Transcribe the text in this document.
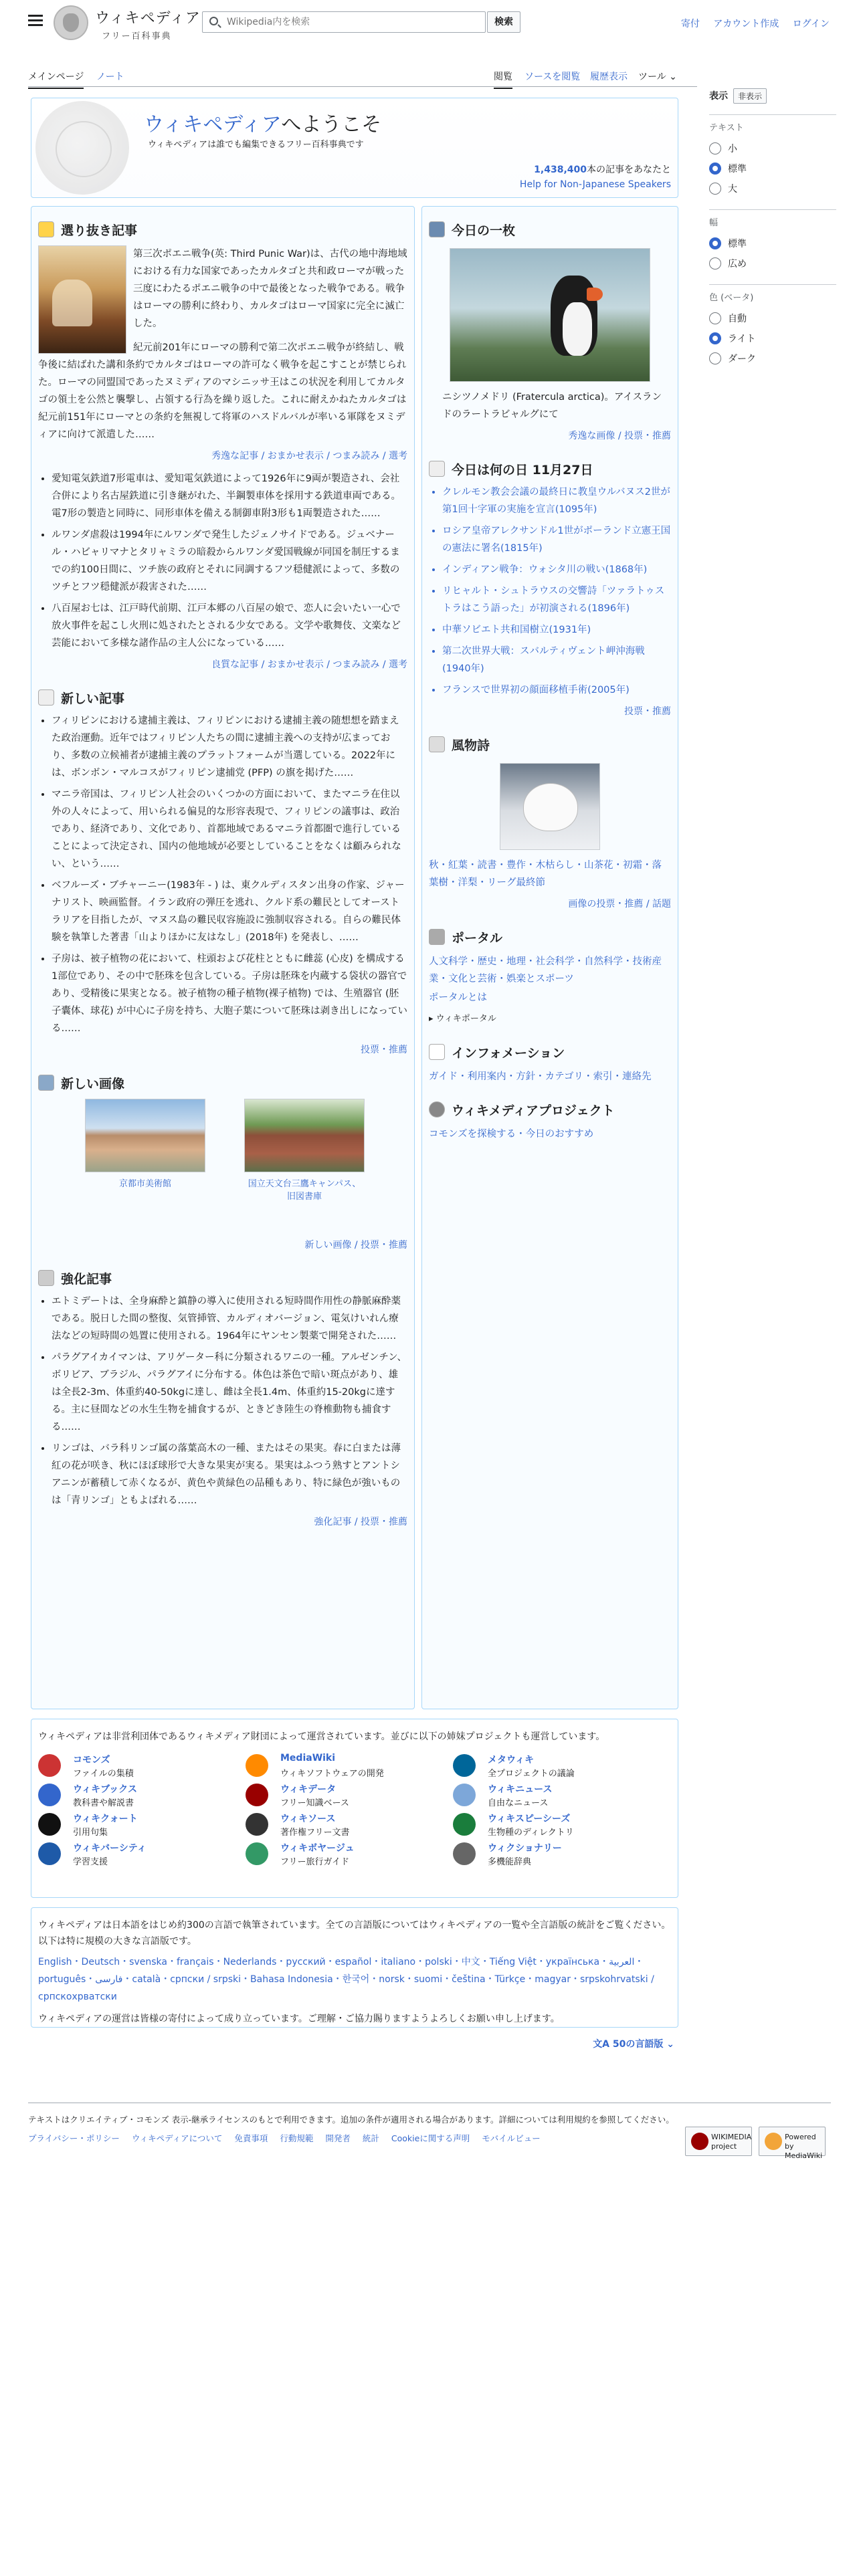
ウィキペディア
フリー百科事典
Wikipedia内を検索
検索	寄付 アカウント作成 ログイン
メインページ ノート	閲覧 ソースを閲覧 履歴表示 ツール ⌄
表示 非表示
テキスト
小
標準
大
幅
標準
広め
色 (ベータ)
自動
ライト
ダーク
ウィキペディアへようこそ
ウィキペディアは誰でも編集できるフリー百科事典です
1,438,400本の記事をあなたと
Help for Non-Japanese Speakers
選り抜き記事
第三次ポエニ戦争(英: Third Punic War)は、古代の地中海地域における有力な国家であったカルタゴと共和政ローマが戦った三度にわたるポエニ戦争の中で最後となった戦争である。戦争はローマの勝利に終わり、カルタゴはローマ国家に完全に滅亡した。
紀元前201年にローマの勝利で第二次ポエニ戦争が終結し、戦争後に結ばれた講和条約でカルタゴはローマの許可なく戦争を起こすことが禁じられた。ローマの同盟国であったヌミディアのマシニッサ王はこの状況を利用してカルタゴの領土を公然と襲撃し、占領する行為を繰り返した。これに耐えかねたカルタゴは紀元前151年にローマとの条約を無視して将軍のハスドルバルが率いる軍隊をヌミディアに向けて派遣した……
秀逸な記事 / おまかせ表示 / つまみ読み / 選考
• 愛知電気鉄道7形電車は、愛知電気鉄道によって1926年に9両が製造され、会社合併により名古屋鉄道に引き継がれた、半鋼製車体を採用する鉄道車両である。電7形の製造と同時に、同形車体を備える制御車附3形も1両製造された……
• ルワンダ虐殺は1994年にルワンダで発生したジェノサイドである。ジュベナール・ハビャリマナとタリャミラの暗殺からルワンダ愛国戦線が同国を制圧するまでの約100日間に、ツチ族の政府とそれに同調するフツ穏健派によって、多数のツチとフツ穏健派が殺害された……
• 八百屋お七は、江戸時代前期、江戸本郷の八百屋の娘で、恋人に会いたい一心で放火事件を起こし火刑に処されたとされる少女である。文学や歌舞伎、文楽など芸能において多様な諸作品の主人公になっている……
良質な記事 / おまかせ表示 / つまみ読み / 選考
新しい記事
• フィリピンにおける逮捕主義は、フィリピンにおける逮捕主義の随想想を踏まえた政治運動。近年ではフィリピン人たちの間に逮捕主義への支持が広まっており、多数の立候補者が逮捕主義のプラットフォームが当選している。2022年には、ボンボン・マルコスがフィリピン逮捕党 (PFP) の旗を掲げた……
• マニラ帝国は、フィリピン人社会のいくつかの方面において、またマニラ在住以外の人々によって、用いられる偏見的な形容表現で、フィリピンの議事は、政治であり、経済であり、文化であり、首都地域であるマニラ首都圏で進行していることによって決定され、国内の他地域が必要としていることをなくは顧みられない、という……
• ベフルーズ・ブチャーニー(1983年 - ) は、東クルディスタン出身の作家、ジャーナリスト、映画監督。イラン政府の弾圧を逃れ、クルド系の難民としてオーストラリアを目指したが、マヌス島の難民収容施設に強制収容される。自らの難民体験を執筆した著書「山よりほかに友はなし」(2018年) を発表し、……
• 子房は、被子植物の花において、柱頭および花柱とともに雌蕊 (心皮) を構成する1部位であり、その中で胚珠を包含している。子房は胚珠を内蔵する袋状の器官であり、受精後に果実となる。被子植物の種子植物(裸子植物) では、生殖器官 (胚子囊体、球花) が中心に子房を持ち、大胞子葉について胚珠は剥き出しになっている……
投票・推薦
新しい画像
京都市美術館	国立天文台三鷹キャンパス、旧図書庫
新しい画像 / 投票・推薦
強化記事
• エトミデートは、全身麻酔と鎮静の導入に使用される短時間作用性の静脈麻酔薬である。脱日した間の整復、気管挿管、カルディオバージョン、電気けいれん療法などの短時間の処置に使用される。1964年にヤンセン製薬で開発された……
• パラグアイカイマンは、アリゲーター科に分類されるワニの一種。アルゼンチン、ボリビア、ブラジル、パラグアイに分布する。体色は茶色で暗い斑点があり、雄は全長2-3m、体重約40-50kgに達し、雌は全長1.4m、体重約15-20kgに達する。主に昼間などの水生生物を捕食するが、ときどき陸生の脊椎動物も捕食する……
• リンゴは、バラ科リンゴ属の落葉高木の一種、またはその果実。春に白または薄紅の花が咲き、秋にほぼ球形で大きな果実が実る。果実はふつう熟すとアントシアニンが蓄積して赤くなるが、黄色や黄緑色の品種もあり、特に緑色が強いものは「青リンゴ」ともよばれる……
強化記事 / 投票・推薦
今日の一枚
ニシツノメドリ (Fratercula arctica)。アイスランドのラートラビャルグにて
秀逸な画像 / 投票・推薦
今日は何の日 11月27日
• クレルモン教会会議の最終日に教皇ウルバヌス2世が第1回十字軍の実施を宣言(1095年)
• ロシア皇帝アレクサンドル1世がポーランド立憲王国の憲法に署名(1815年)
• インディアン戦争：ウォシタ川の戦い(1868年)
• リヒャルト・シュトラウスの交響詩「ツァラトゥストラはこう語った」が初演される(1896年)
• 中華ソビエト共和国樹立(1931年)
• 第二次世界大戦：スバルティヴェント岬沖海戦(1940年)
• フランスで世界初の顔面移植手術(2005年)
投票・推薦
風物詩
秋・紅葉・読書・豊作・木枯らし・山茶花・初霜・落葉樹・洋梨・リーグ最終節
画像の投票・推薦 / 話題
ポータル
人文科学・歴史・地理・社会科学・自然科学・技術産業・文化と芸術・娯楽とスポーツ
ポータルとは
▸ ウィキポータル
インフォメーション
ガイド・利用案内・方針・カテゴリ・索引・連絡先
ウィキメディアプロジェクト
コモンズを探検する・今日のおすすめ
ウィキペディアは非営利団体であるウィキメディア財団によって運営されています。並びに以下の姉妹プロジェクトも運営しています。
コモンズ
ファイルの集積
MediaWiki
ウィキソフトウェアの開発
メタウィキ
全プロジェクトの議論
ウィキブックス
教科書や解説書
ウィキデータ
フリー知識ベース
ウィキニュース
自由なニュース
ウィキクォート
引用句集
ウィキソース
著作権フリー文書
ウィキスピーシーズ
生物種のディレクトリ
ウィキバーシティ
学習支援
ウィキボヤージュ
フリー旅行ガイド
ウィクショナリー
多機能辞典
ウィキペディアは日本語をはじめ約300の言語で執筆されています。全ての言語版についてはウィキペディアの一覧や全言語版の統計をご覧ください。以下は特に規模の大きな言語版です。
English・Deutsch・svenska・français・Nederlands・русский・español・italiano・polski・中文・Tiếng Việt・українська・العربية・português・فارسی・català・српски / srpski・Bahasa Indonesia・한국어・norsk・suomi・čeština・Türkçe・magyar・srpskohrvatski / српскохрватски
ウィキペディアの運営は皆様の寄付によって成り立っています。ご理解・ご協力賜りますようよろしくお願い申し上げます。
文A 50の言語版 ⌄
テキストはクリエイティブ・コモンズ 表示-継承ライセンスのもとで利用できます。追加の条件が適用される場合があります。詳細については利用規約を参照してください。
プライバシー・ポリシー ウィキペディアについて 免責事項 行動規範 開発者 統計 Cookieに関する声明 モバイルビュー	WIKIMEDIA project
Powered by MediaWiki
